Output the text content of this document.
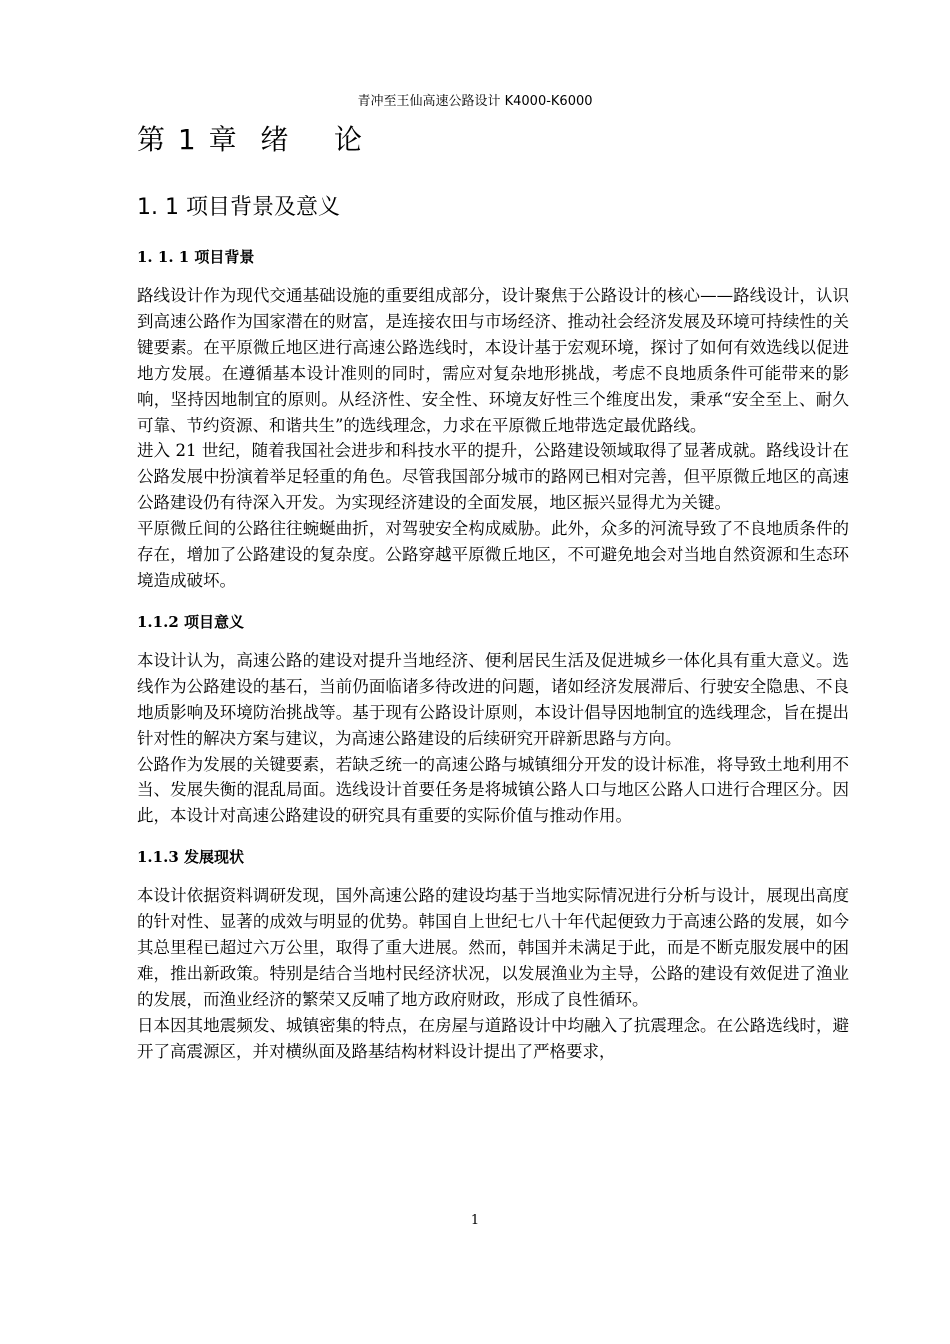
青冲至王仙高速公路设计 K4000-K6000
第 1 章  绪    论
1. 1 项目背景及意义
1. 1. 1 项目背景

路线设计作为现代交通基础设施的重要组成部分，设计聚焦于公路设计的核心——路线设计，认识到高速公路作为国家潜在的财富，是连接农田与市场经济、推动社会经济发展及环境可持续性的关键要素。在平原微丘地区进行高速公路选线时，本设计基于宏观环境，探讨了如何有效选线以促进地方发展。在遵循基本设计准则的同时，需应对复杂地形挑战，考虑不良地质条件可能带来的影响，坚持因地制宜的原则。从经济性、安全性、环境友好性三个维度出发，秉承“安全至上、耐久可靠、节约资源、和谐共生”的选线理念，力求在平原微丘地带选定最优路线。

进入 21 世纪，随着我国社会进步和科技水平的提升，公路建设领域取得了显著成就。路线设计在公路发展中扮演着举足轻重的角色。尽管我国部分城市的路网已相对完善，但平原微丘地区的高速公路建设仍有待深入开发。为实现经济建设的全面发展，地区振兴显得尤为关键。

平原微丘间的公路往往蜿蜒曲折，对驾驶安全构成威胁。此外，众多的河流导致了不良地质条件的存在，增加了公路建设的复杂度。公路穿越平原微丘地区，不可避免地会对当地自然资源和生态环境造成破坏。

1.1.2 项目意义

本设计认为，高速公路的建设对提升当地经济、便利居民生活及促进城乡一体化具有重大意义。选线作为公路建设的基石，当前仍面临诸多待改进的问题，诸如经济发展滞后、行驶安全隐患、不良地质影响及环境防治挑战等。基于现有公路设计原则，本设计倡导因地制宜的选线理念，旨在提出针对性的解决方案与建议，为高速公路建设的后续研究开辟新思路与方向。

公路作为发展的关键要素，若缺乏统一的高速公路与城镇细分开发的设计标准，将导致土地利用不当、发展失衡的混乱局面。选线设计首要任务是将城镇公路人口与地区公路人口进行合理区分。因此，本设计对高速公路建设的研究具有重要的实际价值与推动作用。

1.1.3 发展现状

本设计依据资料调研发现，国外高速公路的建设均基于当地实际情况进行分析与设计，展现出高度的针对性、显著的成效与明显的优势。韩国自上世纪七八十年代起便致力于高速公路的发展，如今其总里程已超过六万公里，取得了重大进展。然而，韩国并未满足于此，而是不断克服发展中的困难，推出新政策。特别是结合当地村民经济状况，以发展渔业为主导，公路的建设有效促进了渔业的发展，而渔业经济的繁荣又反哺了地方政府财政，形成了良性循环。

日本因其地震频发、城镇密集的特点，在房屋与道路设计中均融入了抗震理念。在公路选线时，避开了高震源区，并对横纵面及路基结构材料设计提出了严格要求，

1
